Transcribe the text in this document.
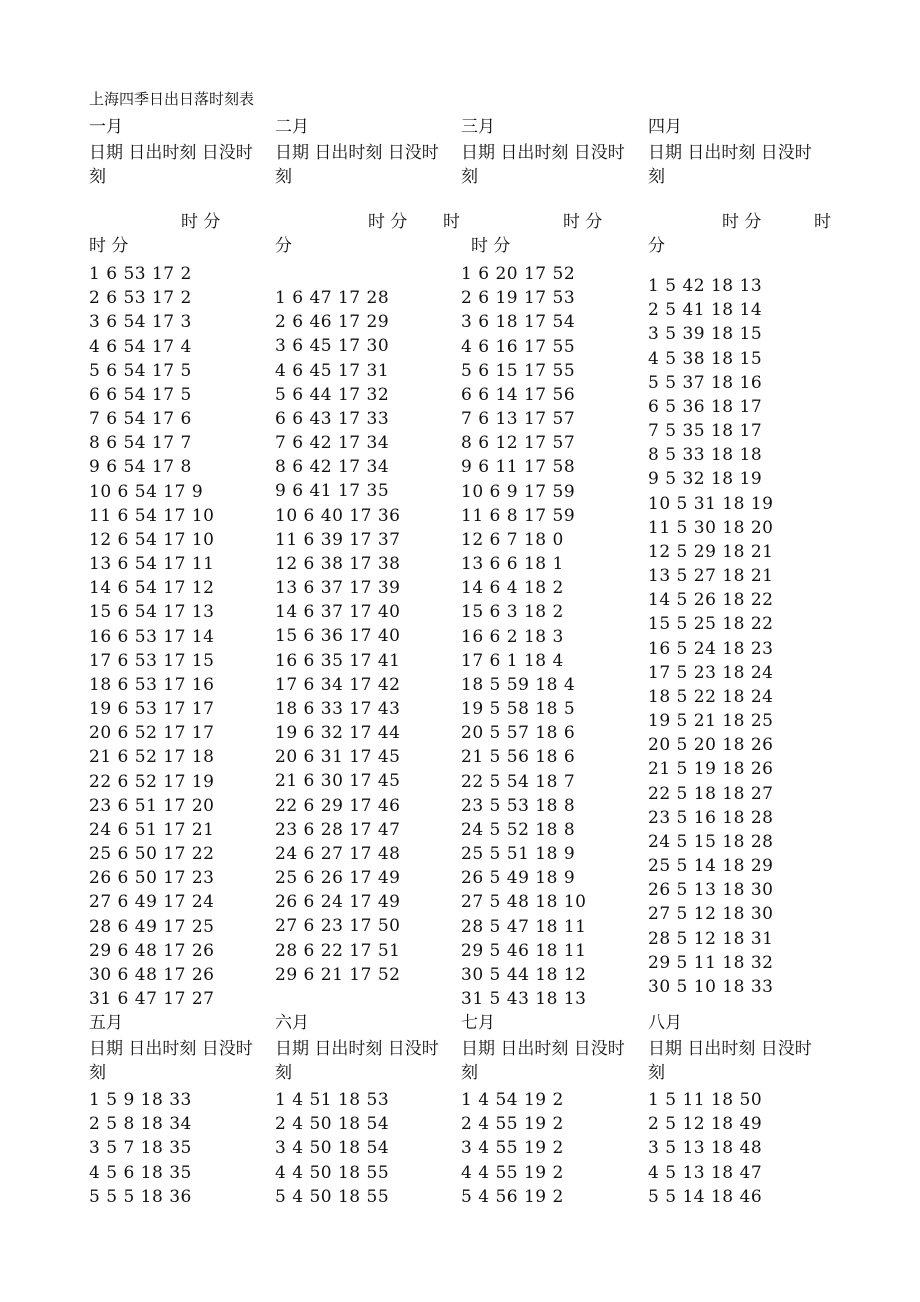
上海四季日出日落时刻表
一月
日期 日出时刻 日没时
刻
1 6 53 17 2
2 6 53 17 2
3 6 54 17 3
4 6 54 17 4
5 6 54 17 5
6 6 54 17 5
7 6 54 17 6
8 6 54 17 7
9 6 54 17 8
10 6 54 17 9
11 6 54 17 10
12 6 54 17 10
13 6 54 17 11
14 6 54 17 12
15 6 54 17 13
16 6 53 17 14
17 6 53 17 15
18 6 53 17 16
19 6 53 17 17
20 6 52 17 17
21 6 52 17 18
22 6 52 17 19
23 6 51 17 20
24 6 51 17 21
25 6 50 17 22
26 6 50 17 23
27 6 49 17 24
28 6 49 17 25
29 6 48 17 26
30 6 48 17 26
31 6 47 17 27
二月
日期 日出时刻 日没时
刻
1 6 47 17 28
2 6 46 17 29
3 6 45 17 30
4 6 45 17 31
5 6 44 17 32
6 6 43 17 33
7 6 42 17 34
8 6 42 17 34
9 6 41 17 35
10 6 40 17 36
11 6 39 17 37
12 6 38 17 38
13 6 37 17 39
14 6 37 17 40
15 6 36 17 40
16 6 35 17 41
17 6 34 17 42
18 6 33 17 43
19 6 32 17 44
20 6 31 17 45
21 6 30 17 45
22 6 29 17 46
23 6 28 17 47
24 6 27 17 48
25 6 26 17 49
26 6 24 17 49
27 6 23 17 50
28 6 22 17 51
29 6 21 17 52
三月
日期 日出时刻 日没时
刻
1 6 20 17 52
2 6 19 17 53
3 6 18 17 54
4 6 16 17 55
5 6 15 17 55
6 6 14 17 56
7 6 13 17 57
8 6 12 17 57
9 6 11 17 58
10 6 9 17 59
11 6 8 17 59
12 6 7 18 0
13 6 6 18 1
14 6 4 18 2
15 6 3 18 2
16 6 2 18 3
17 6 1 18 4
18 5 59 18 4
19 5 58 18 5
20 5 57 18 6
21 5 56 18 6
22 5 54 18 7
23 5 53 18 8
24 5 52 18 8
25 5 51 18 9
26 5 49 18 9
27 5 48 18 10
28 5 47 18 11
29 5 46 18 11
30 5 44 18 12
31 5 43 18 13
四月
日期 日出时刻 日没时
刻
1 5 42 18 13
2 5 41 18 14
3 5 39 18 15
4 5 38 18 15
5 5 37 18 16
6 5 36 18 17
7 5 35 18 17
8 5 33 18 18
9 5 32 18 19
10 5 31 18 19
11 5 30 18 20
12 5 29 18 21
13 5 27 18 21
14 5 26 18 22
15 5 25 18 22
16 5 24 18 23
17 5 23 18 24
18 5 22 18 24
19 5 21 18 25
20 5 20 18 26
21 5 19 18 26
22 5 18 18 27
23 5 16 18 28
24 5 15 18 28
25 5 14 18 29
26 5 13 18 30
27 5 12 18 30
28 5 12 18 31
29 5 11 18 32
30 5 10 18 33
五月
日期 日出时刻 日没时
刻
1 5 9 18 33
2 5 8 18 34
3 5 7 18 35
4 5 6 18 35
5 5 5 18 36
六月
日期 日出时刻 日没时
刻
1 4 51 18 53
2 4 50 18 54
3 4 50 18 54
4 4 50 18 55
5 4 50 18 55
七月
日期 日出时刻 日没时
刻
1 4 54 19 2
2 4 55 19 2
3 4 55 19 2
4 4 55 19 2
5 4 56 19 2
八月
日期 日出时刻 日没时
刻
1 5 11 18 50
2 5 12 18 49
3 5 13 18 48
4 5 13 18 47
5 5 14 18 46
时 分
时 分
时 分 时
分
时 分
时 分
时 分	时
分
